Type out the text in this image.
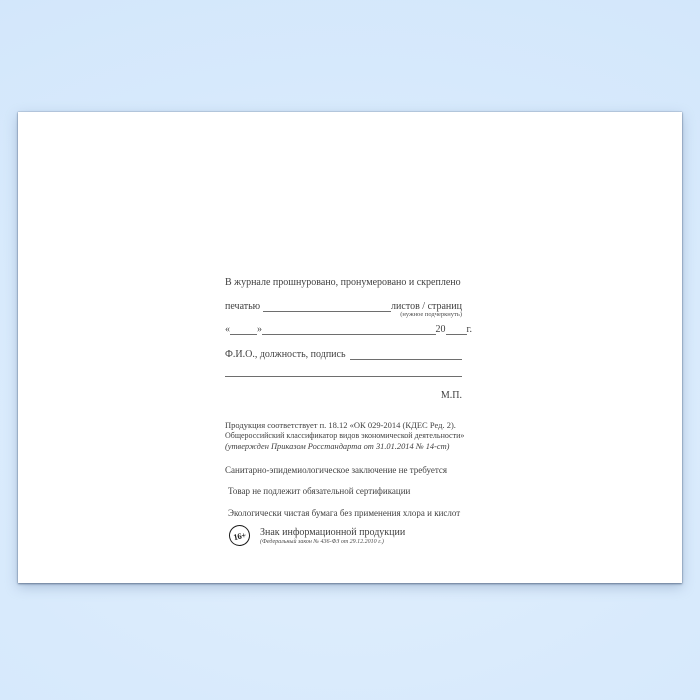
В журнале прошнуровано, пронумеровано и скреплено
печатью	листов / страниц
(нужное подчеркнуть)
«	»	20 г.
Ф.И.О., должность, подпись
М.П.
Продукция соответствует п. 18.12 «ОК 029-2014 (КДЕС Ред. 2).
Общероссийский классификатор видов экономической деятельности»
(утвержден Приказом Росстандарта от 31.01.2014 № 14-ст)
Санитарно-эпидемиологическое заключение не требуется
Товар не подлежит обязательной сертификации
Экологически чистая бумага без применения хлора и кислот
16+	Знак информационной продукции
(Федеральный закон № 436-ФЗ от 29.12.2010 г.)
